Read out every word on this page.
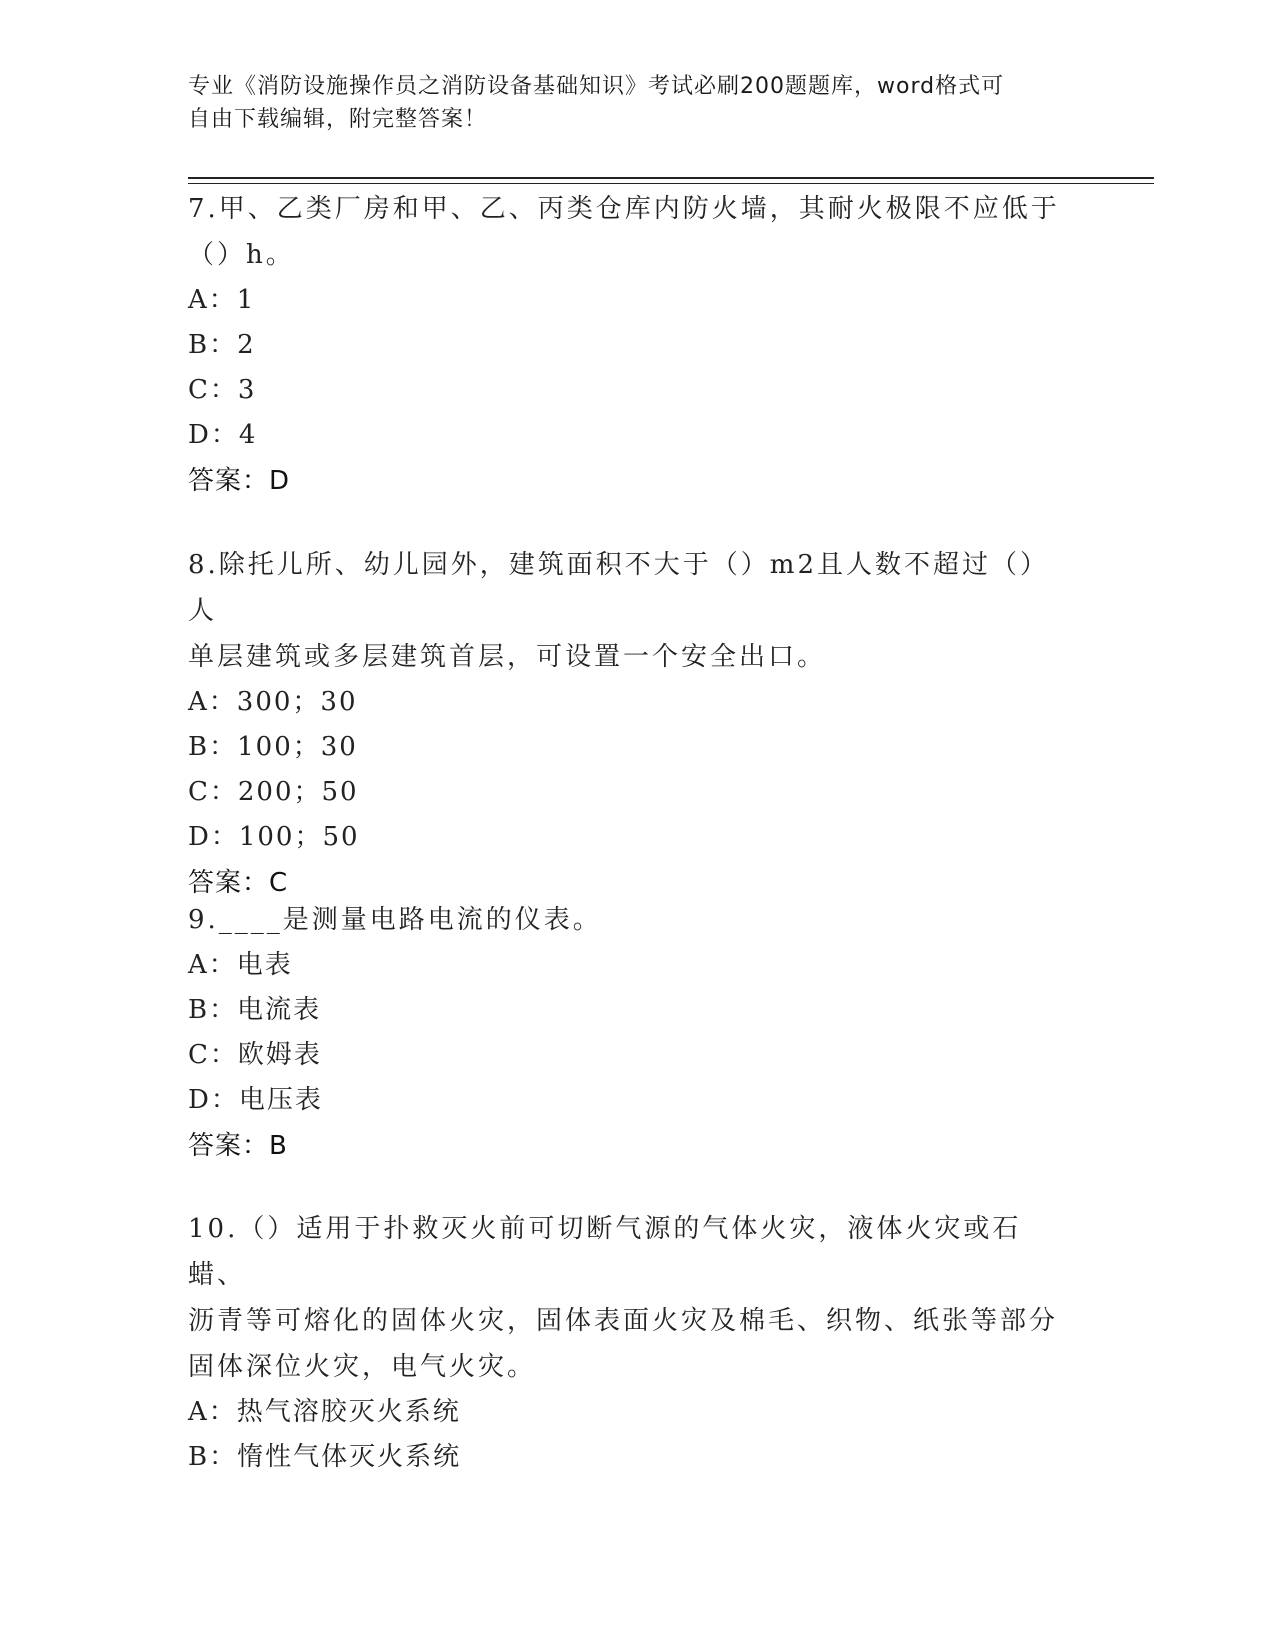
专业《消防设施操作员之消防设备基础知识》考试必刷200题题库，word格式可
自由下载编辑，附完整答案！
7.甲、乙类厂房和甲、乙、丙类仓库内防火墙，其耐火极限不应低于
（）h。
A：1
B：2
C：3
D：4
答案：D
8.除托儿所、幼儿园外，建筑面积不大于（）m2且人数不超过（）人
单层建筑或多层建筑首层，可设置一个安全出口。
A：300；30
B：100；30
C：200；50
D：100；50
答案：C
9.____是测量电路电流的仪表。
A：电表
B：电流表
C：欧姆表
D：电压表
答案：B
10.（）适用于扑救灭火前可切断气源的气体火灾，液体火灾或石蜡、
沥青等可熔化的固体火灾，固体表面火灾及棉毛、织物、纸张等部分
固体深位火灾，电气火灾。
A：热气溶胶灭火系统
B：惰性气体灭火系统
